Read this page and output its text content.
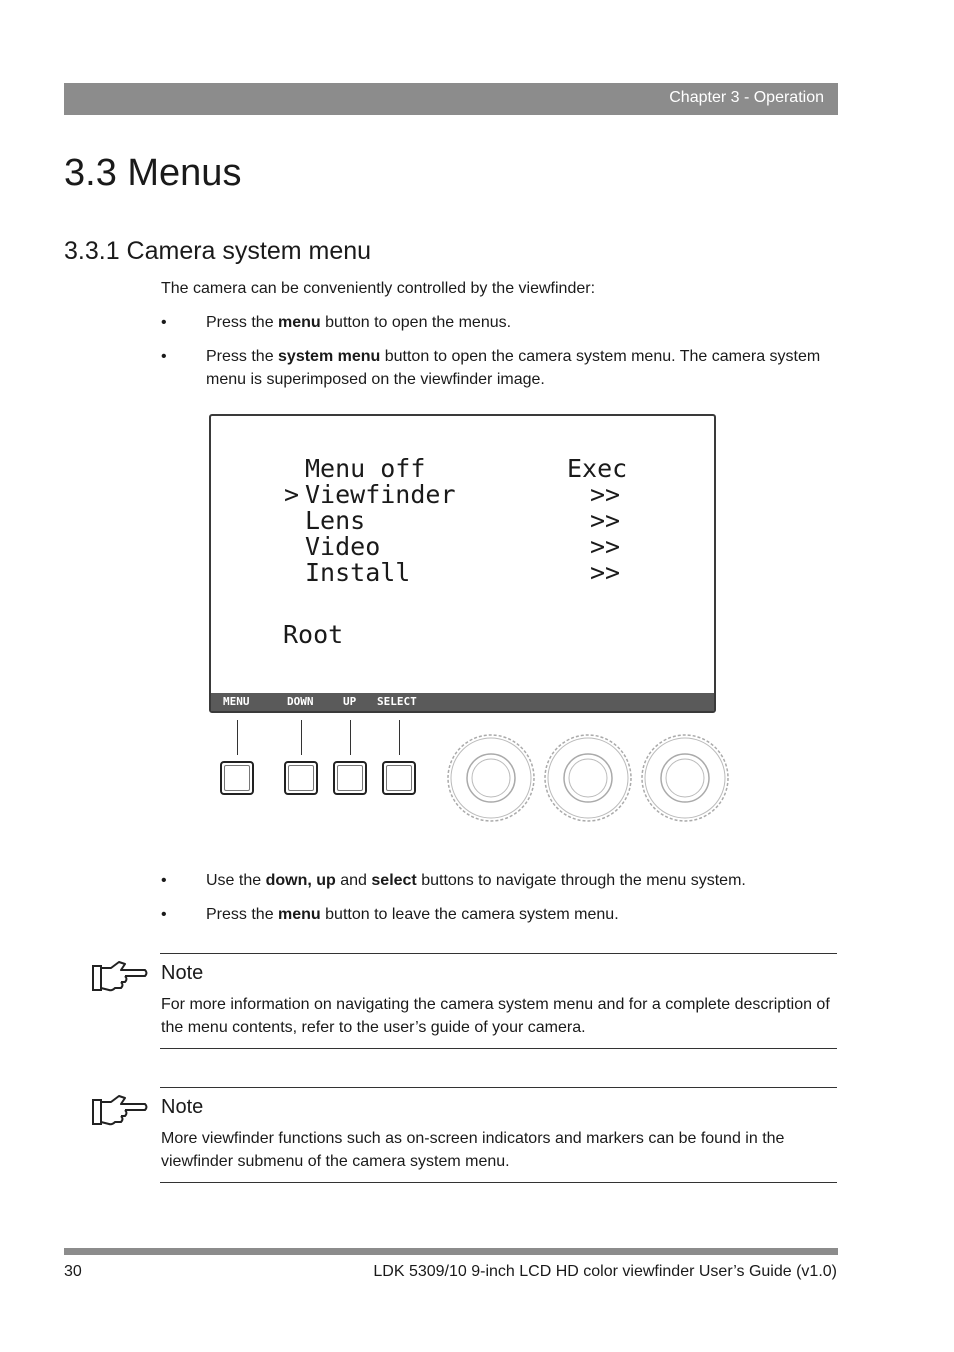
Chapter 3 - Operation
3.3 Menus
3.3.1 Camera system menu

The camera can be conveniently controlled by the viewfinder:

• Press the menu button to open the menus.
• Press the system menu button to open the camera system menu. The camera system menu is superimposed on the viewfinder image.
Menu off	Exec
> Viewfinder	>>
Lens	>>
Video	>>
Install	>>
Root
MENU	DOWN	UP SELECT
• Use the down, up and select buttons to navigate through the menu system.
• Press the menu button to leave the camera system menu.
Note
For more information on navigating the camera system menu and for a complete description of the menu contents, refer to the user’s guide of your camera.
Note
More viewfinder functions such as on-screen indicators and markers can be found in the viewfinder submenu of the camera system menu.
30	LDK 5309/10 9-inch LCD HD color viewfinder User’s Guide (v1.0)
